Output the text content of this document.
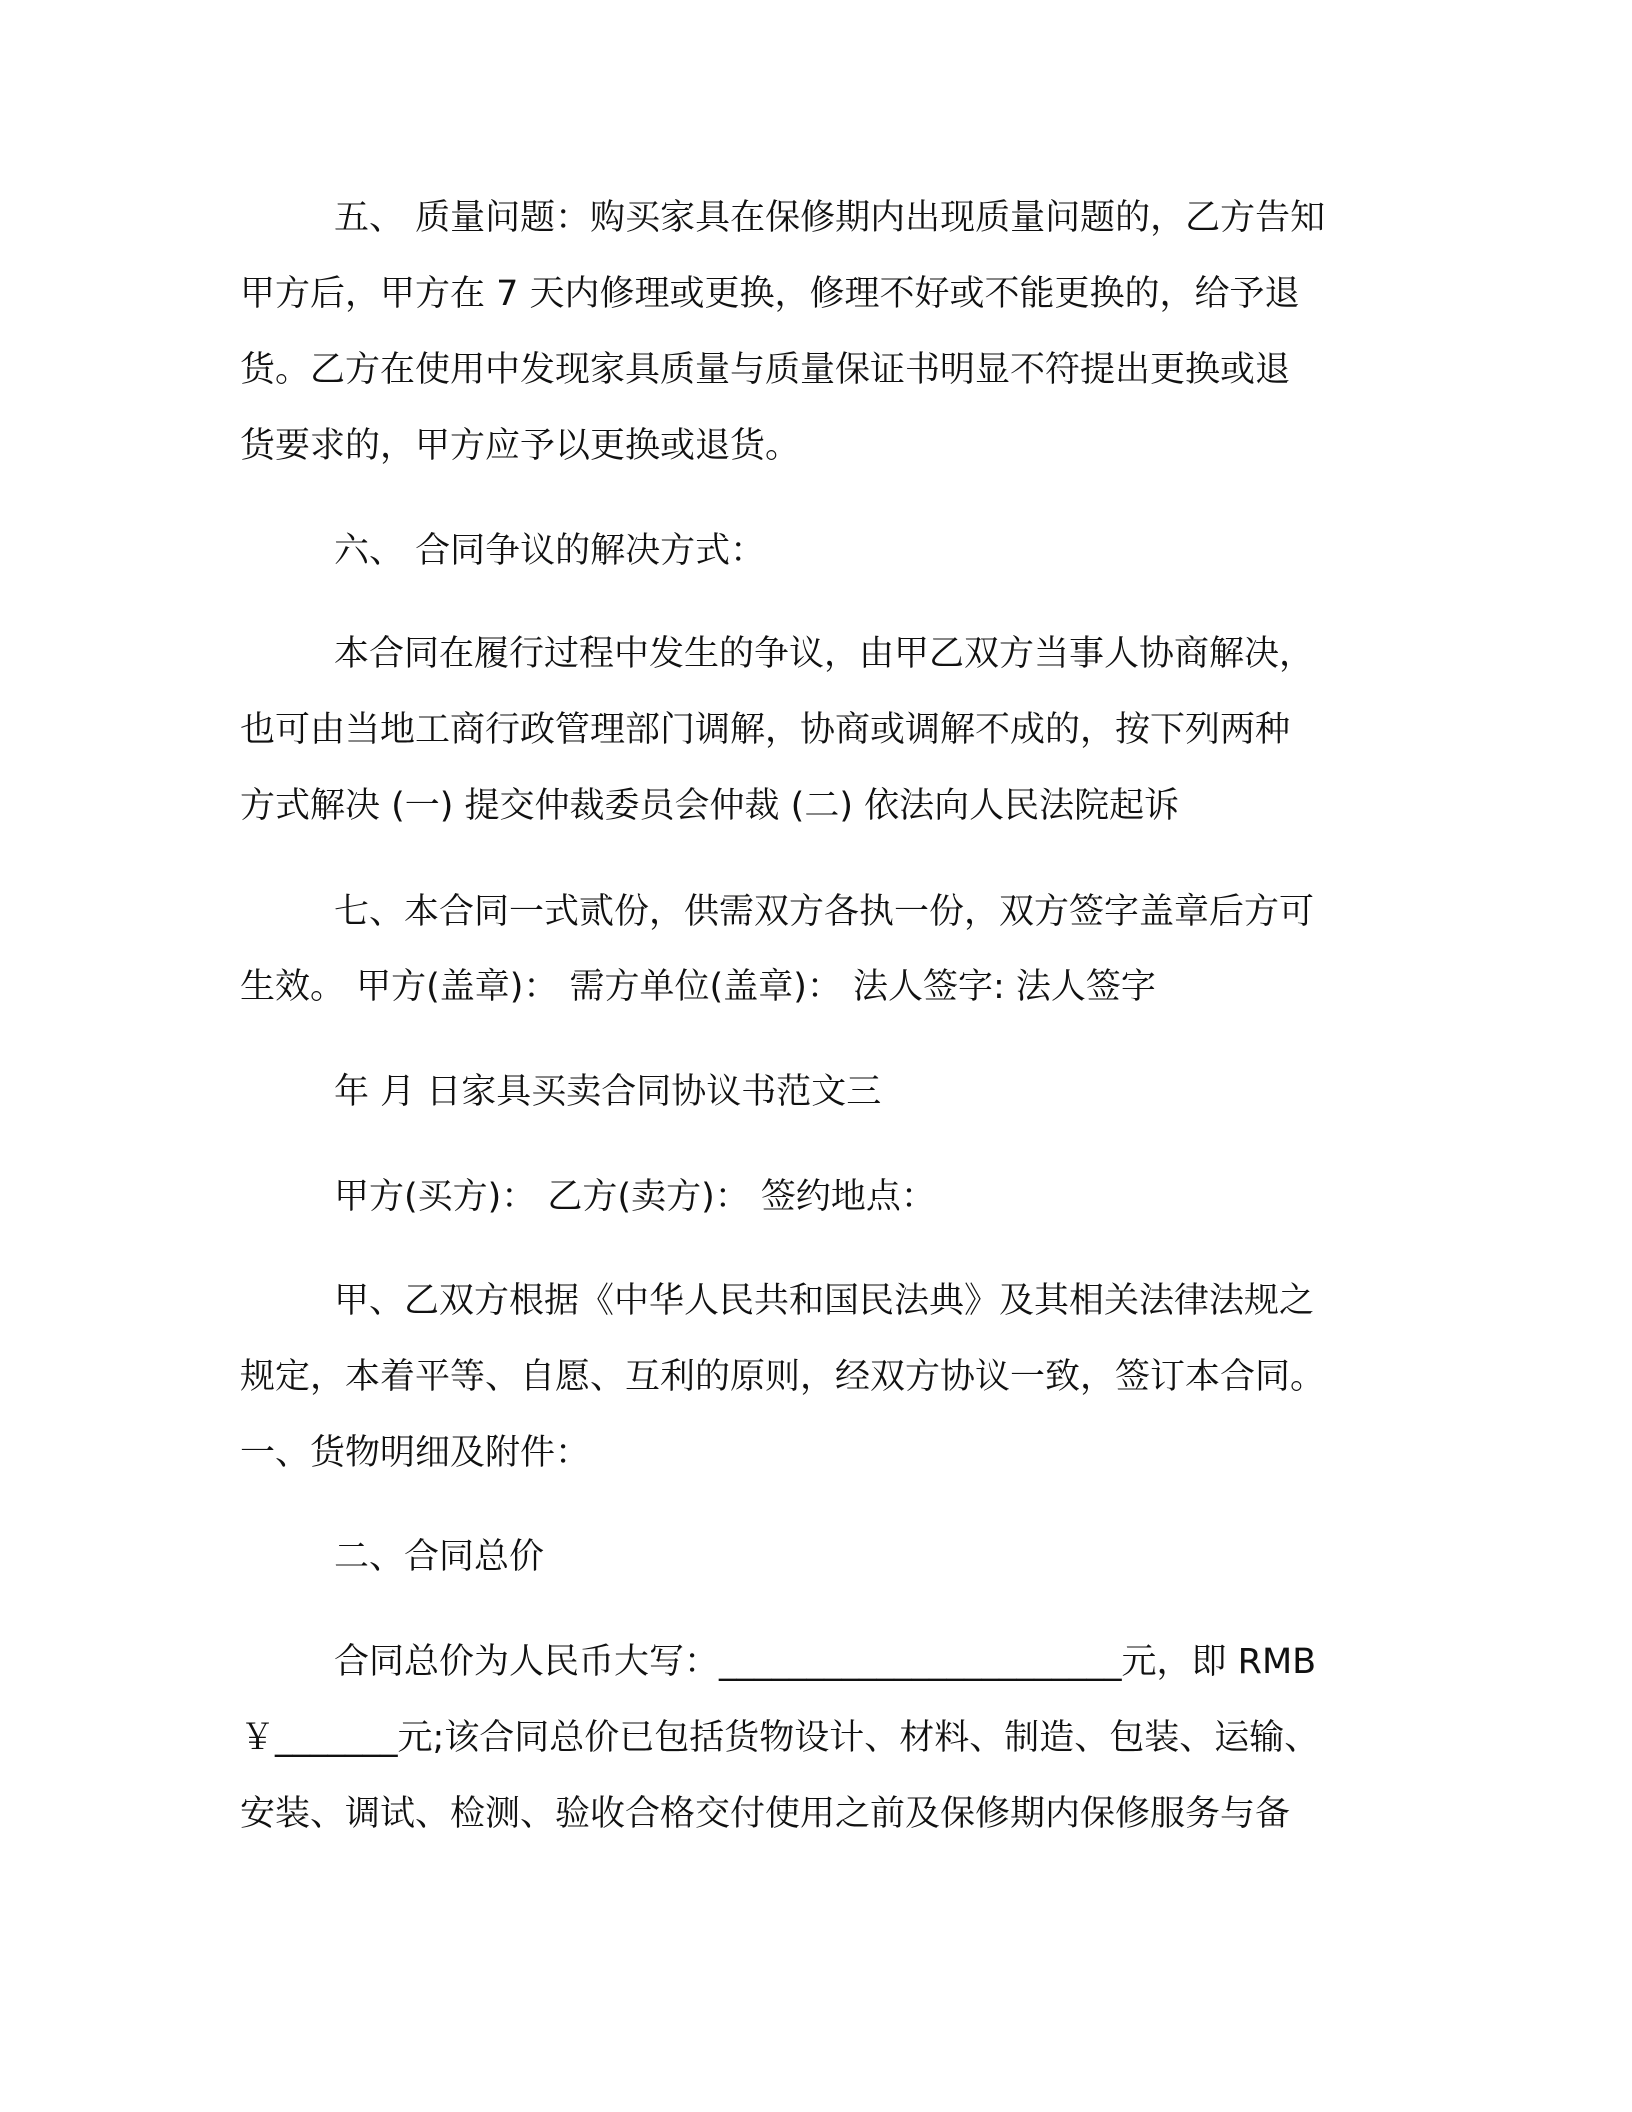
五、 质量问题：购买家具在保修期内出现质量问题的，乙方告知
甲方后，甲方在 7 天内修理或更换，修理不好或不能更换的，给予退
货。乙方在使用中发现家具质量与质量保证书明显不符提出更换或退
货要求的，甲方应予以更换或退货。
六、 合同争议的解决方式：
本合同在履行过程中发生的争议，由甲乙双方当事人协商解决，
也可由当地工商行政管理部门调解，协商或调解不成的，按下列两种
方式解决 (一) 提交仲裁委员会仲裁 (二) 依法向人民法院起诉
七、本合同一式贰份，供需双方各执一份，双方签字盖章后方可
生效。 甲方(盖章)： 需方单位(盖章)： 法人签字: 法人签字
年 月 日家具买卖合同协议书范文三
甲方(买方)： 乙方(卖方)： 签约地点：
甲、乙双方根据《中华人民共和国民法典》及其相关法律法规之
规定，本着平等、自愿、互利的原则，经双方协议一致，签订本合同。
一、货物明细及附件：
二、合同总价
合同总价为人民币大写：_______________________元，即 RMB
￥_______元;该合同总价已包括货物设计、材料、制造、包装、运输、
安装、调试、检测、验收合格交付使用之前及保修期内保修服务与备
